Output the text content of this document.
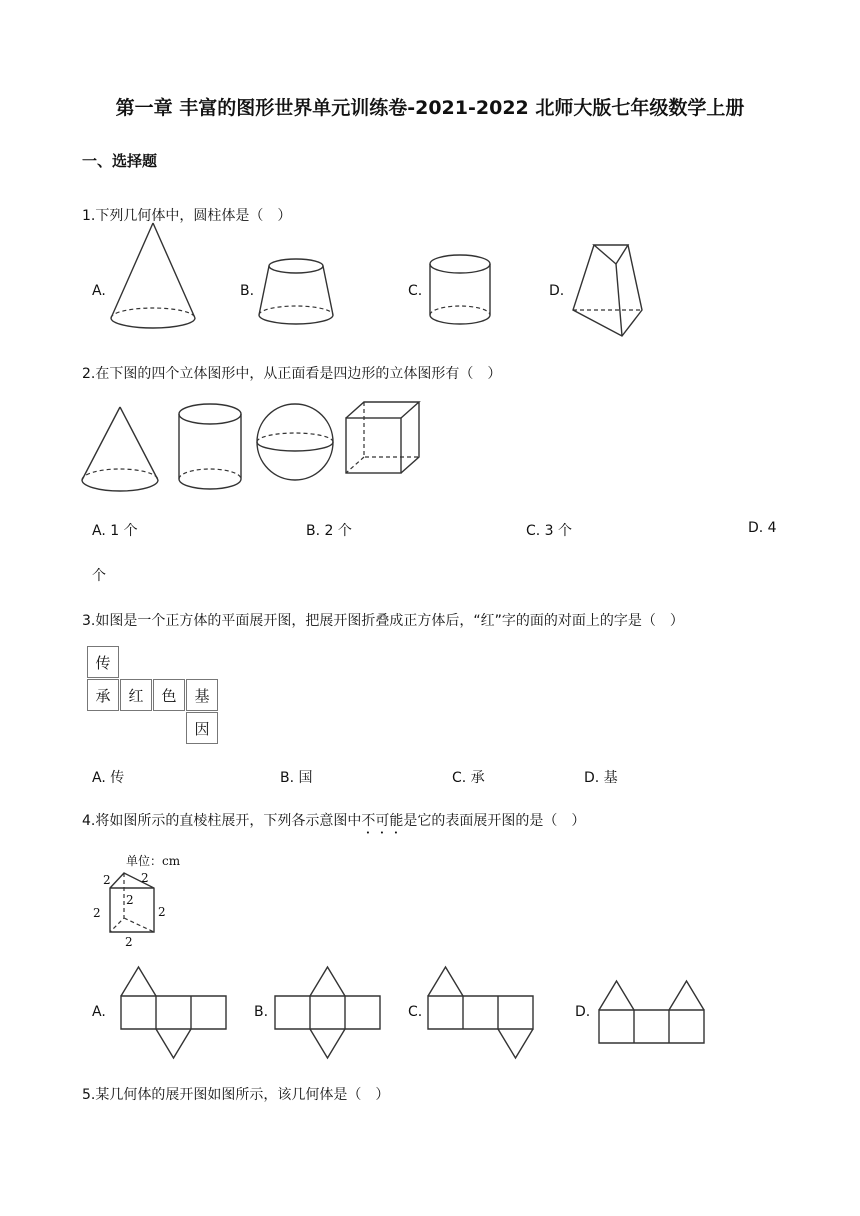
第一章 丰富的图形世界单元训练卷-2021-2022 北师大版七年级数学上册
一、选择题
1.下列几何体中，圆柱体是（　）
A.	B.	C.	D.
2.在下图的四个立体图形中，从正面看是四边形的立体图形有（　）
A. 1 个	B. 2 个	C. 3 个	D. 4
个
3.如图是一个正方体的平面展开图，把展开图折叠成正方体后，“红”字的面的对面上的字是（　）
传
承	红	色	基
因
A. 传	B. 国	C. 承	D. 基
4.将如图所示的直棱柱展开，下列各示意图中不可能是它的表面展开图的是（　）
单位：cm
2	2
2
2
2
2
A.	B.	C.	D.
5.某几何体的展开图如图所示，该几何体是（　）
